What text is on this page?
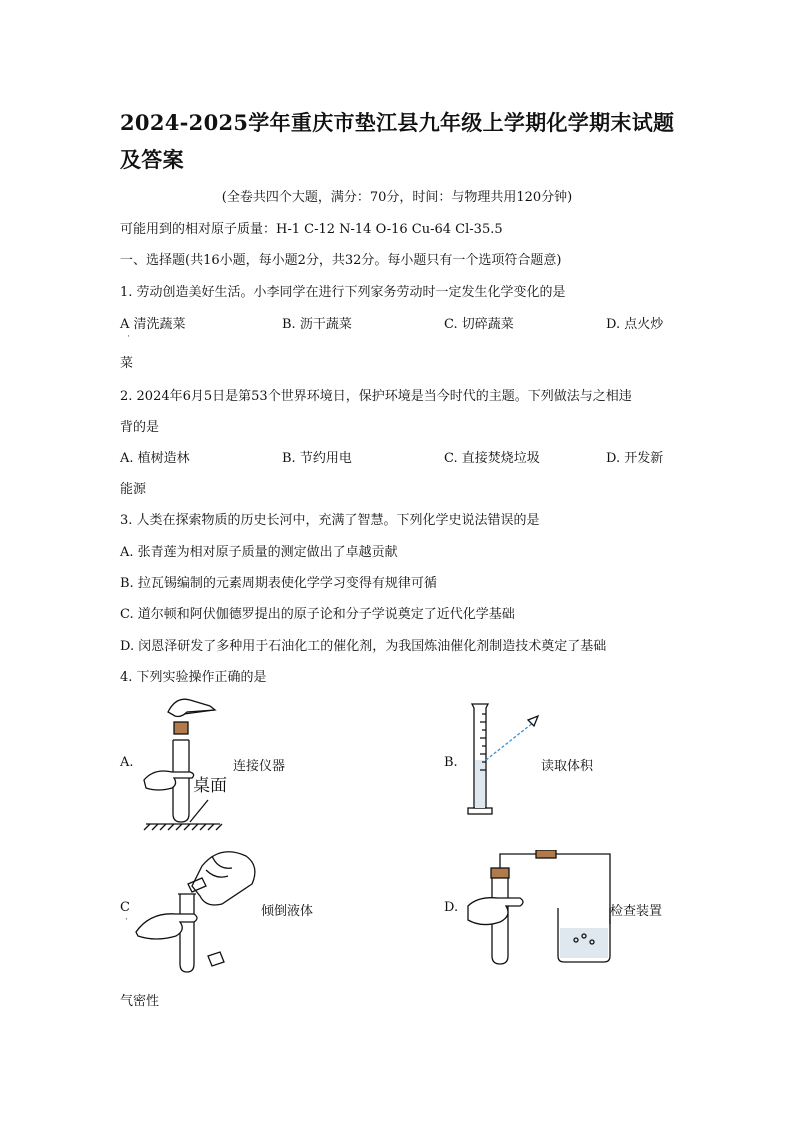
2024-2025学年重庆市垫江县九年级上学期化学期末试题及答案
(全卷共四个大题，满分：70分，时间：与物理共用120分钟)
可能用到的相对原子质量：H-1 C-12 N-14 O-16 Cu-64 Cl-35.5
一、选择题(共16小题，每小题2分，共32分。每小题只有一个选项符合题意)
1. 劳动创造美好生活。小李同学在进行下列家务劳动时一定发生化学变化的是
A 清洗蔬菜	B. 沥干蔬菜	C. 切碎蔬菜	D. 点火炒
·
菜
2. 2024年6月5日是第53个世界环境日，保护环境是当今时代的主题。下列做法与之相违
背的是
A. 植树造林	B. 节约用电	C. 直接焚烧垃圾	D. 开发新
能源
3. 人类在探索物质的历史长河中，充满了智慧。下列化学史说法错误的是
A. 张青莲为相对原子质量的测定做出了卓越贡献
B. 拉瓦锡编制的元素周期表使化学学习变得有规律可循
C. 道尔顿和阿伏伽德罗提出的原子论和分子学说奠定了近代化学基础
D. 闵恩泽研发了多种用于石油化工的催化剂，为我国炼油催化剂制造技术奠定了基础
4. 下列实验操作正确的是
A.
桌面
连接仪器	B.	读取体积
C
·
倾倒液体	D.	检查装置
气密性
